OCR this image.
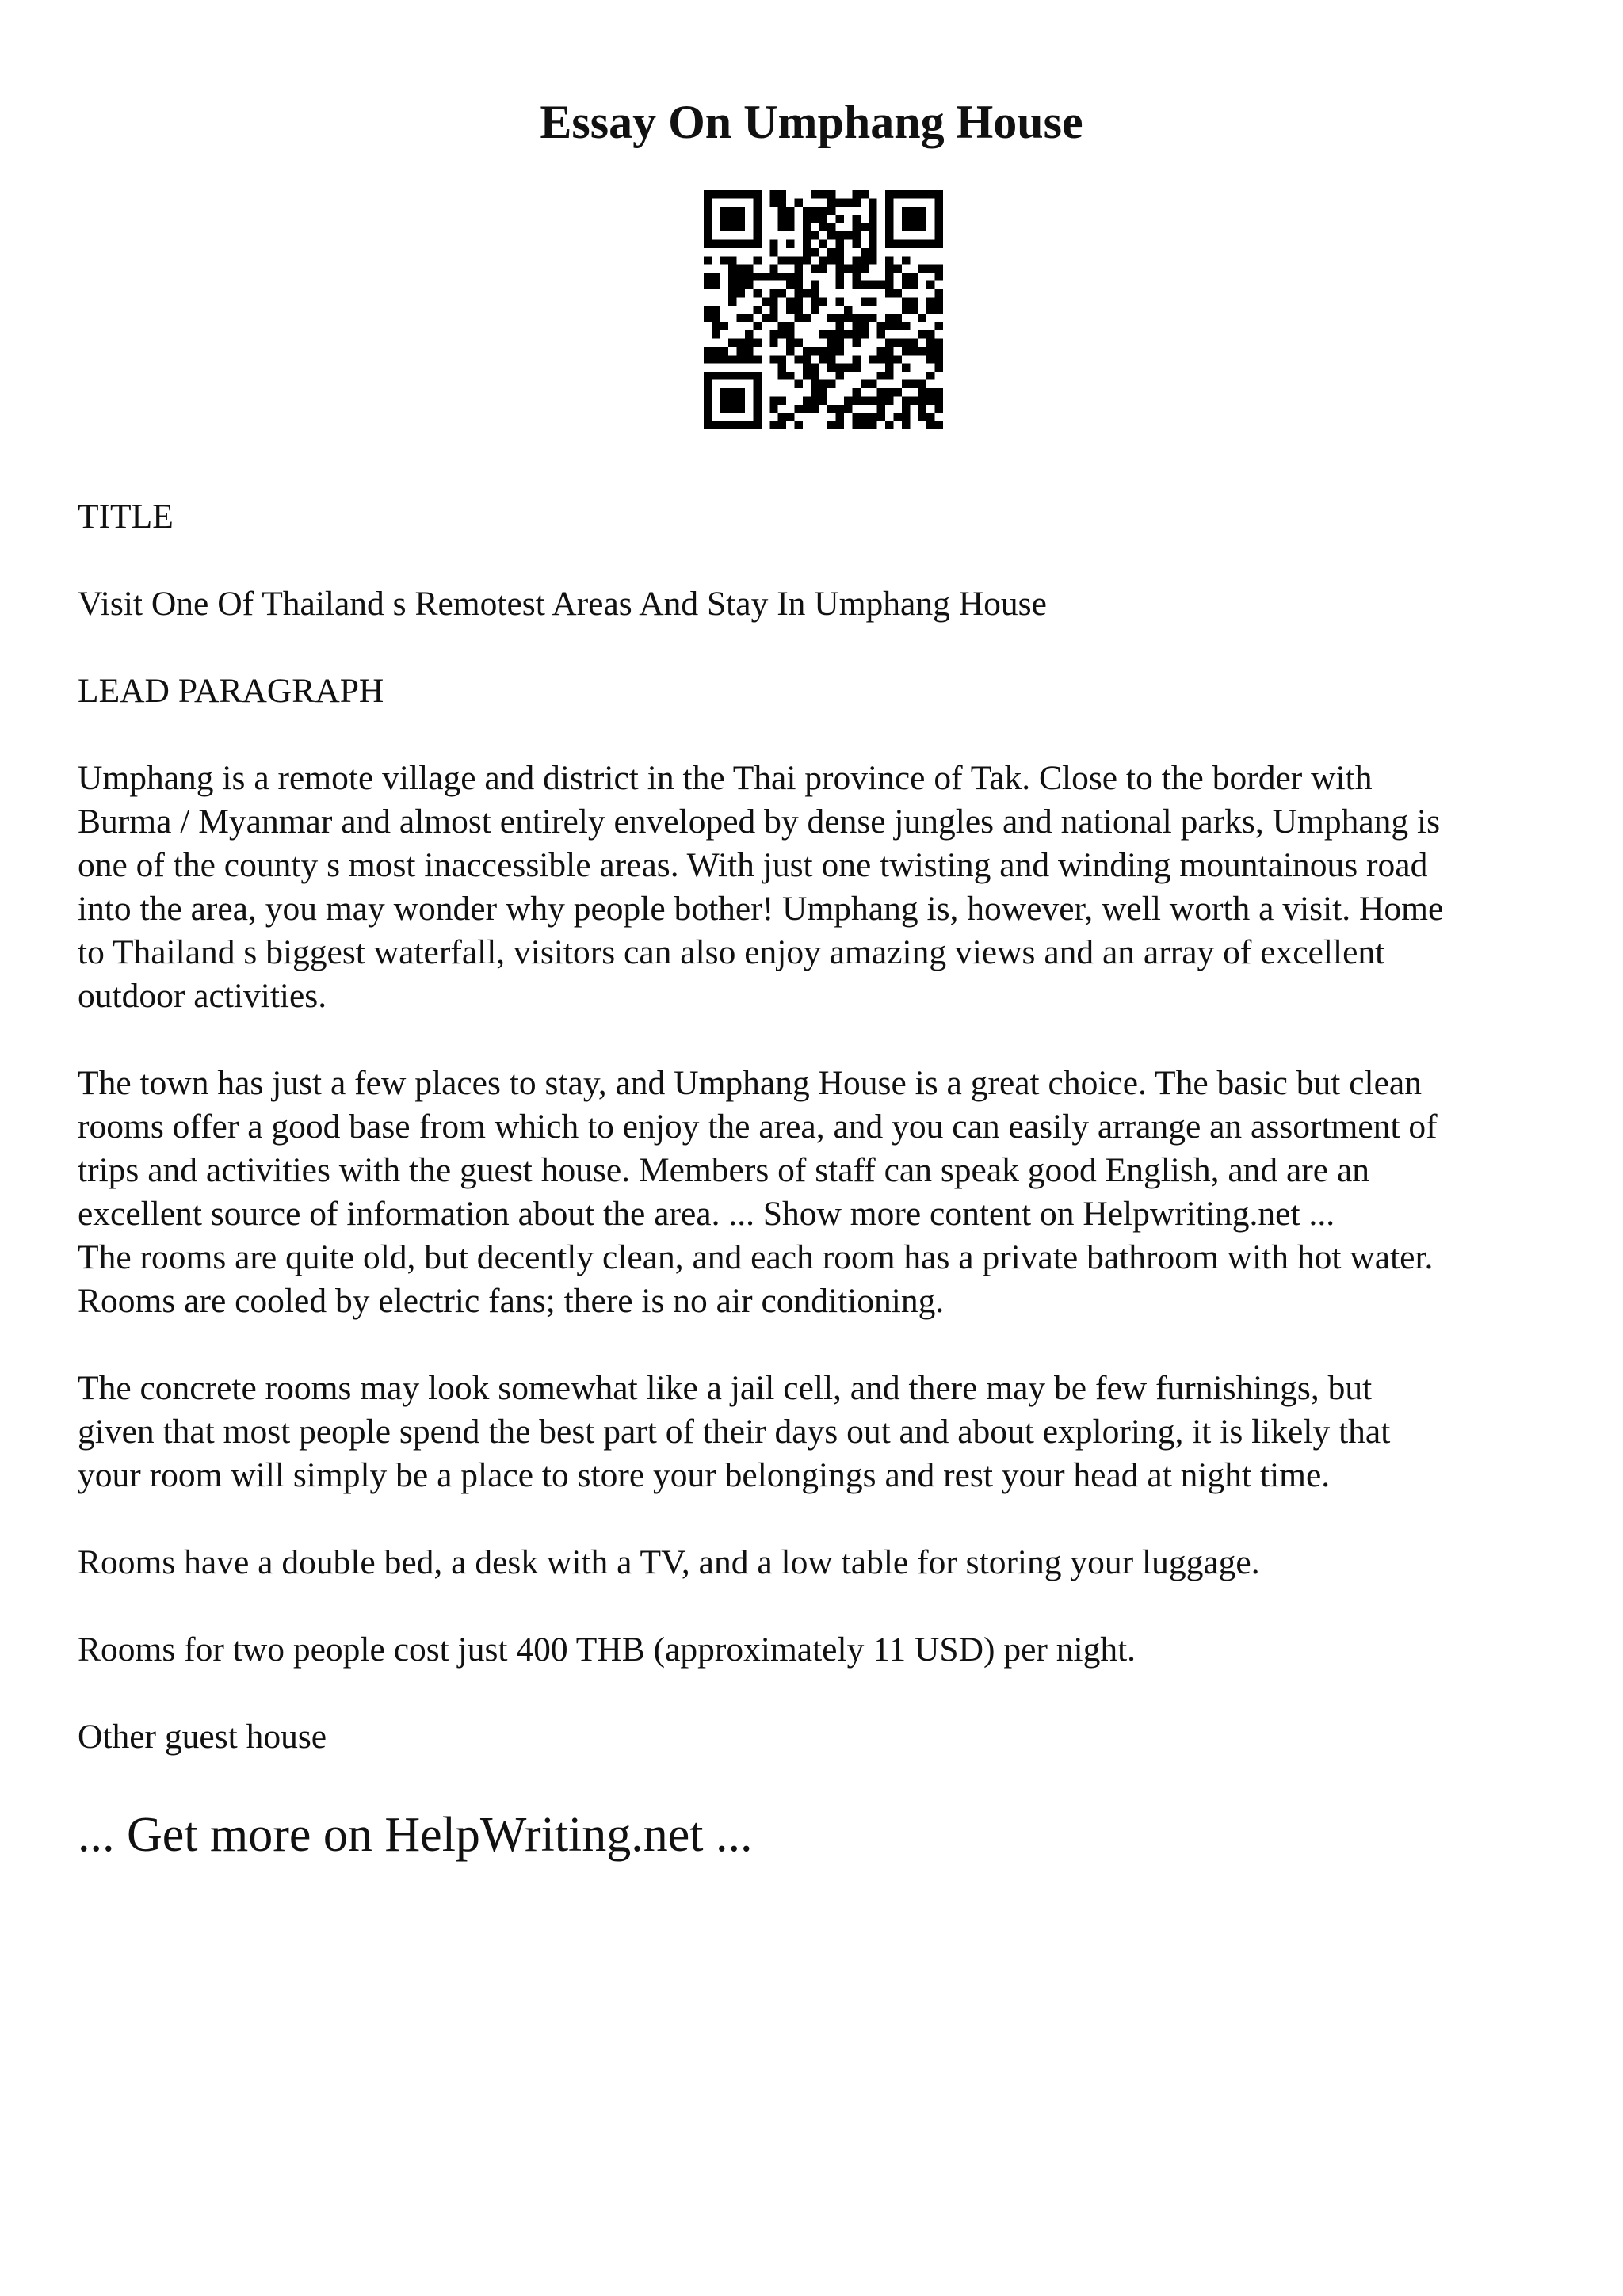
Essay On Umphang House

TITLE

Visit One Of Thailand s Remotest Areas And Stay In Umphang House

LEAD PARAGRAPH

Umphang is a remote village and district in the Thai province of Tak. Close to the border with
Burma / Myanmar and almost entirely enveloped by dense jungles and national parks, Umphang is
one of the county s most inaccessible areas. With just one twisting and winding mountainous road
into the area, you may wonder why people bother! Umphang is, however, well worth a visit. Home
to Thailand s biggest waterfall, visitors can also enjoy amazing views and an array of excellent
outdoor activities.

The town has just a few places to stay, and Umphang House is a great choice. The basic but clean
rooms offer a good base from which to enjoy the area, and you can easily arrange an assortment of
trips and activities with the guest house. Members of staff can speak good English, and are an
excellent source of information about the area. ... Show more content on Helpwriting.net ...

The rooms are quite old, but decently clean, and each room has a private bathroom with hot water.
Rooms are cooled by electric fans; there is no air conditioning.

The concrete rooms may look somewhat like a jail cell, and there may be few furnishings, but
given that most people spend the best part of their days out and about exploring, it is likely that
your room will simply be a place to store your belongings and rest your head at night time.

Rooms have a double bed, a desk with a TV, and a low table for storing your luggage.

Rooms for two people cost just 400 THB (approximately 11 USD) per night.

Other guest house

... Get more on HelpWriting.net ...
